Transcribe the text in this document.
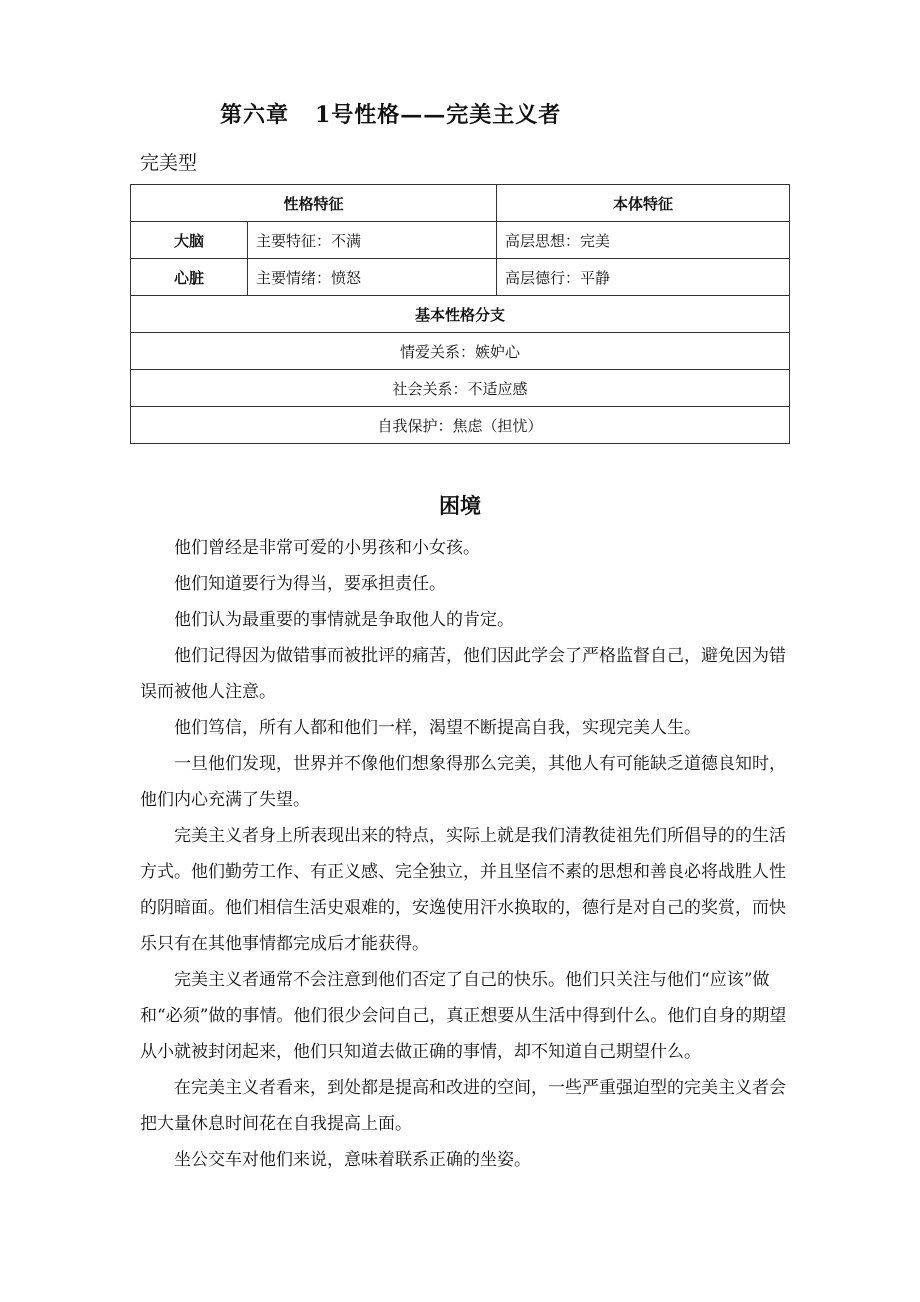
第六章   1号性格——完美主义者
完美型
性格特征		本体特征
大脑	主要特征：不满	高层思想：完美
心脏	主要情绪：愤怒	高层德行：平静
基本性格分支		
情爱关系：嫉妒心		
社会关系：不适应感		
自我保护：焦虑（担忧）		
困境

他们曾经是非常可爱的小男孩和小女孩。

他们知道要行为得当，要承担责任。

他们认为最重要的事情就是争取他人的肯定。

他们记得因为做错事而被批评的痛苦，他们因此学会了严格监督自己，避免因为错误而被他人注意。

他们笃信，所有人都和他们一样，渴望不断提高自我，实现完美人生。

一旦他们发现，世界并不像他们想象得那么完美，其他人有可能缺乏道德良知时，他们内心充满了失望。

完美主义者身上所表现出来的特点，实际上就是我们清教徒祖先们所倡导的的生活方式。他们勤劳工作、有正义感、完全独立，并且坚信不素的思想和善良必将战胜人性的阴暗面。他们相信生活史艰难的，安逸使用汗水换取的，德行是对自己的奖赏，而快乐只有在其他事情都完成后才能获得。

完美主义者通常不会注意到他们否定了自己的快乐。他们只关注与他们“应该”做和“必须”做的事情。他们很少会问自己，真正想要从生活中得到什么。他们自身的期望从小就被封闭起来，他们只知道去做正确的事情，却不知道自己期望什么。

在完美主义者看来，到处都是提高和改进的空间，一些严重强迫型的完美主义者会把大量休息时间花在自我提高上面。

坐公交车对他们来说，意味着联系正确的坐姿。
